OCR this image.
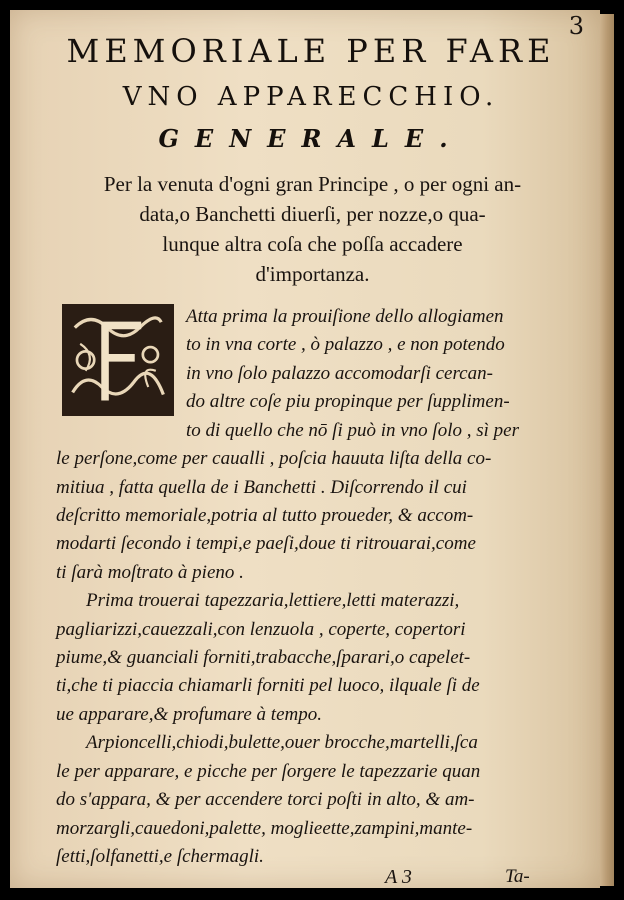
3
MEMORIALE PER FARE
VNO APPARECCHIO.
GENERALE.
Per la venuta d'ogni gran Principe , o per ogni an-
data,o Banchetti diuerſi, per nozze,o qua-
lunque altra coſa che poſſa accadere
d'importanza.
Atta prima la prouiſione dello allogiamen
to in vna corte , ò palazzo , e non potendo
in vno ſolo palazzo accomodarſi cercan-
do altre coſe piu propinque per ſupplimen-
to di quello che nō ſi può in vno ſolo , sì per
le perſone,come per caualli , poſcia hauuta liſta della co-
mitiua , fatta quella de i Banchetti . Diſcorrendo il cui
deſcritto memoriale,potria al tutto proueder, & accom-
modarti ſecondo i tempi,e paeſi,doue ti ritrouarai,come
ti ſarà moſtrato à pieno .
Prima trouerai tapezzaria,lettiere,letti materazzi,
pagliarizzi,cauezzali,con lenzuola , coperte, copertori
piume,& guanciali forniti,trabacche,ſparari,o capelet-
ti,che ti piaccia chiamarli forniti pel luoco, ilquale ſi de
ue apparare,& profumare à tempo.
Arpioncelli,chiodi,bulette,ouer brocche,martelli,ſca
le per apparare, e picche per ſorgere le tapezzarie quan
do s'appara, & per accendere torci poſti in alto, & am-
A 3	Ta-
morzargli,cauedoni,palette, moglieette,zampini,mante-
ſetti,ſolfanetti,e ſchermagli.
